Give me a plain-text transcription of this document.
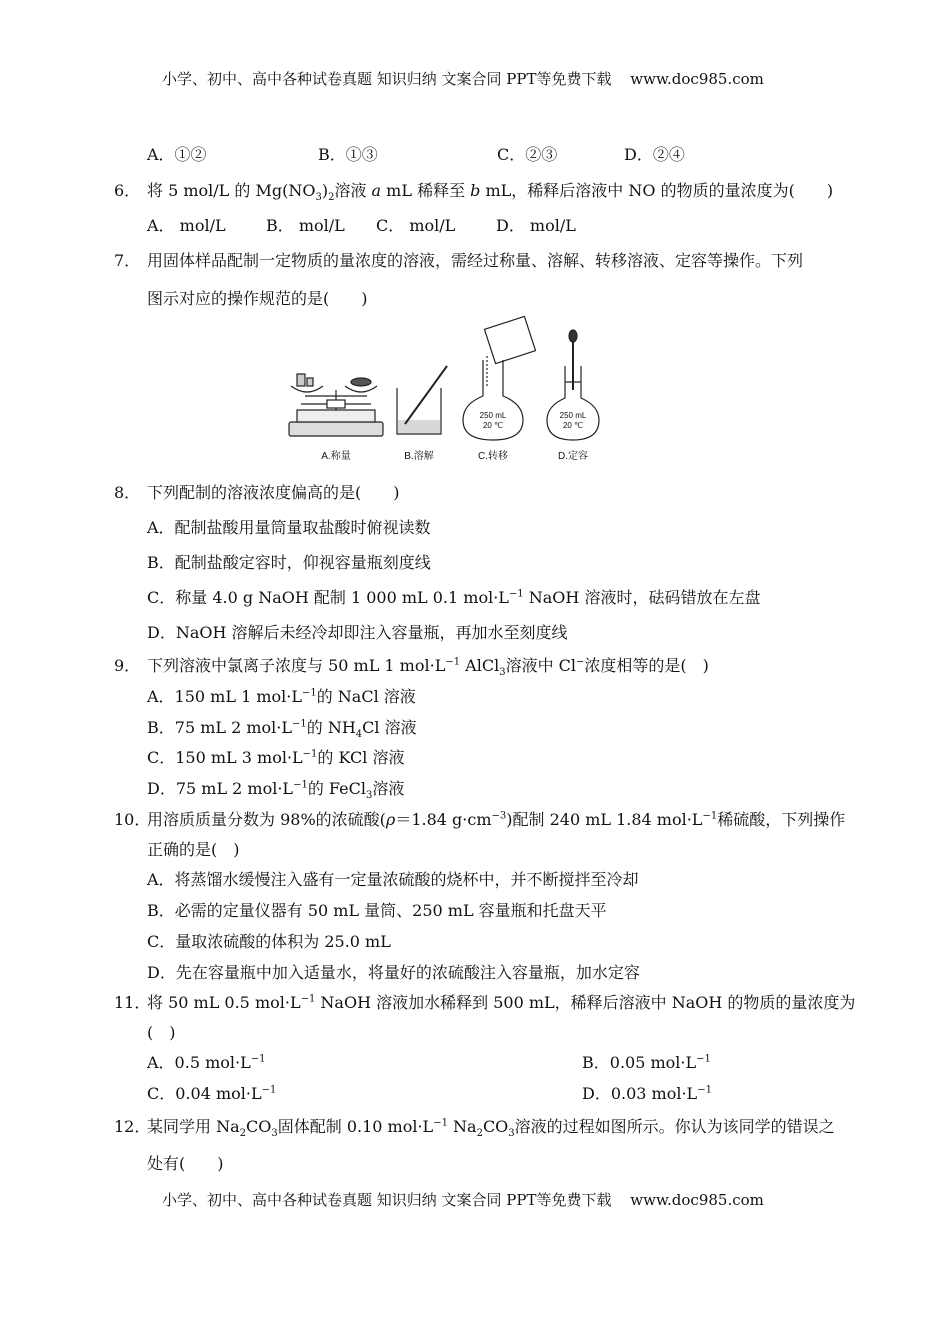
小学、初中、高中各种试卷真题 知识归纳 文案合同 PPT等免费下载 www.doc985.com
A．①②	B．①③	C．②③	D．②④
6． 将 5 mol/L 的 $Mg(NO_3)_2$溶液 a mL 稀释至 b mL，稀释后溶液中 NO 的物质的量浓度为(　　)
A． mol/L	B． mol/L C． mol/L	D． mol/L
7． 用固体样品配制一定物质的量浓度的溶液，需经过称量、溶解、转移溶液、定容等操作。下列
图示对应的操作规范的是(　　)
250 mL
20 ℃
250 mL
20 ℃
A.称量	B.溶解	C.转移	D.定容
8． 下列配制的溶液浓度偏高的是(　　)
A．配制盐酸用量筒量取盐酸时俯视读数
B．配制盐酸定容时，仰视容量瓶刻度线
C．称量 4.0 g NaOH 配制 1 000 mL 0.1 $mol\cdot L^{-1}$ NaOH 溶液时，砝码错放在左盘
D．NaOH 溶解后未经冷却即注入容量瓶，再加水至刻度线
9． 下列溶液中氯离子浓度与 50 mL 1 $mol\cdot L^{-1}$ AlCl$_3$溶液中 Cl−浓度相等的是(　)
A．150 mL 1 $mol\cdot L^{-1}$的 NaCl 溶液
B．75 mL 2 $mol\cdot L^{-1}$的 $NH_4Cl$ 溶液
C．150 mL 3 $mol\cdot L^{-1}$的 KCl 溶液
D．75 mL 2 $mol\cdot L^{-1}$的 FeCl$_3$溶液
10．用溶质质量分数为 98%的浓硫酸(ρ＝1.84 $g\cdot cm^{-3}$)配制 240 mL 1.84 $mol\cdot L^{-1}$稀硫酸，下列操作
正确的是(　)
A．将蒸馏水缓慢注入盛有一定量浓硫酸的烧杯中，并不断搅拌至冷却
B．必需的定量仪器有 50 mL 量筒、250 mL 容量瓶和托盘天平
C．量取浓硫酸的体积为 25.0 mL
D．先在容量瓶中加入适量水，将量好的浓硫酸注入容量瓶，加水定容
11．将 50 mL 0.5 $mol\cdot L^{-1}$ NaOH 溶液加水稀释到 500 mL，稀释后溶液中 NaOH 的物质的量浓度为
(　)
A．0.5 $mol\cdot L^{-1}$	B．0.05 $mol\cdot L^{-1}$
C．0.04 $mol\cdot L^{-1}$	D．0.03 $mol\cdot L^{-1}$
12．某同学用 $Na_2CO_3$固体配制 0.10 $mol\cdot L^{-1}$ $Na_2CO_3$溶液的过程如图所示。你认为该同学的错误之
处有(　　)
小学、初中、高中各种试卷真题 知识归纳 文案合同 PPT等免费下载 www.doc985.com
